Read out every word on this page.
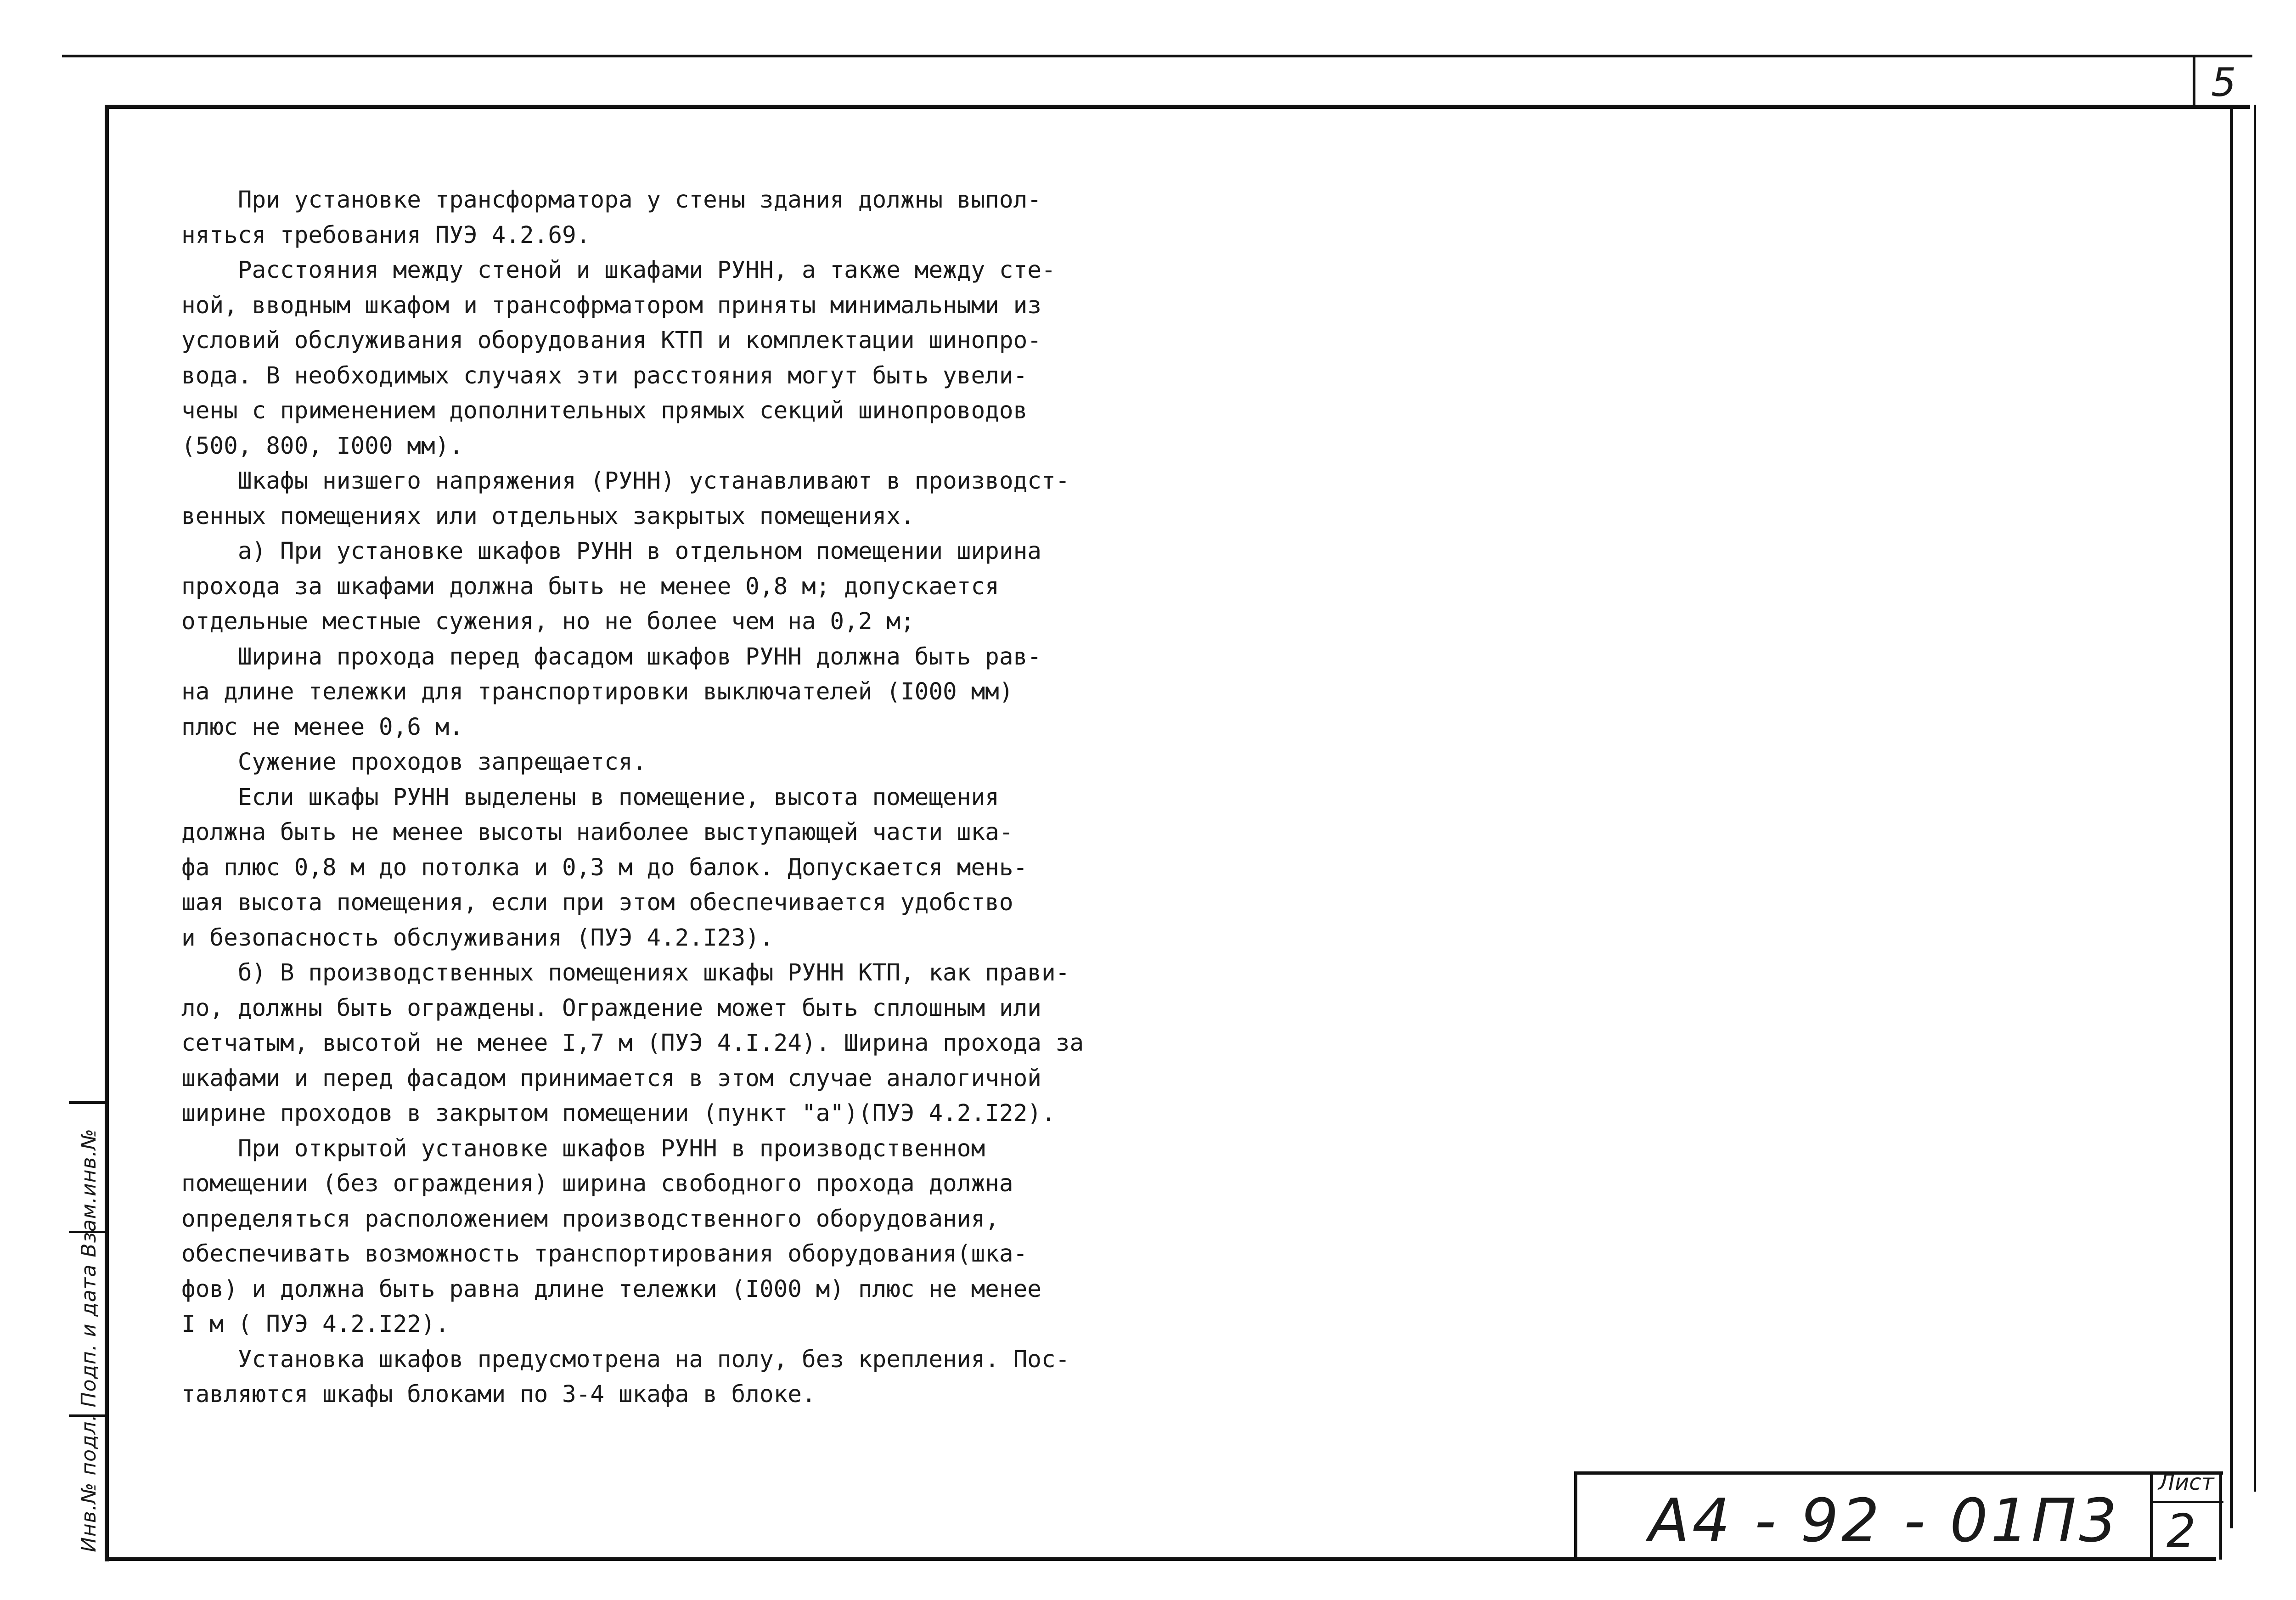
5
Инв.№ подл. Подп. и дата Взам.инв.№
При установке трансформатора у стены здания должны выпол-
няться требования ПУЭ 4.2.69.
Расстояния между стеной и шкафами РУНН, а также между сте-
ной, вводным шкафом и трансофрматором приняты минимальными из
условий обслуживания оборудования КТП и комплектации шинопро-
вода. В необходимых случаях эти расстояния могут быть увели-
чены с применением дополнительных прямых секций шинопроводов
(500, 800, I000 мм).
Шкафы низшего напряжения (РУНН) устанавливают в производст-
венных помещениях или отдельных закрытых помещениях.
а) При установке шкафов РУНН в отдельном помещении ширина
прохода за шкафами должна быть не менее 0,8 м; допускается
отдельные местные сужения, но не более чем на 0,2 м;
Ширина прохода перед фасадом шкафов РУНН должна быть рав-
на длине тележки для транспортировки выключателей (I000 мм)
плюс не менее 0,6 м.
Сужение проходов запрещается.
Если шкафы РУНН выделены в помещение, высота помещения
должна быть не менее высоты наиболее выступающей части шка-
фа плюс 0,8 м до потолка и 0,3 м до балок. Допускается мень-
шая высота помещения, если при этом обеспечивается удобство
и безопасность обслуживания (ПУЭ 4.2.I23).
б) В производственных помещениях шкафы РУНН КТП, как прави-
ло, должны быть ограждены. Ограждение может быть сплошным или
сетчатым, высотой не менее I,7 м (ПУЭ 4.I.24). Ширина прохода за
шкафами и перед фасадом принимается в этом случае аналогичной
ширине проходов в закрытом помещении (пункт "а")(ПУЭ 4.2.I22).
При открытой установке шкафов РУНН в производственном
помещении (без ограждения) ширина свободного прохода должна
определяться расположением производственного оборудования,
обеспечивать возможность транспортирования оборудования(шка-
фов) и должна быть равна длине тележки (I000 м) плюс не менее
I м ( ПУЭ 4.2.I22).
Установка шкафов предусмотрена на полу, без крепления. Пос-
тавляются шкафы блоками по 3-4 шкафа в блоке.
А4 - 92 - 01П3
Лист
2
